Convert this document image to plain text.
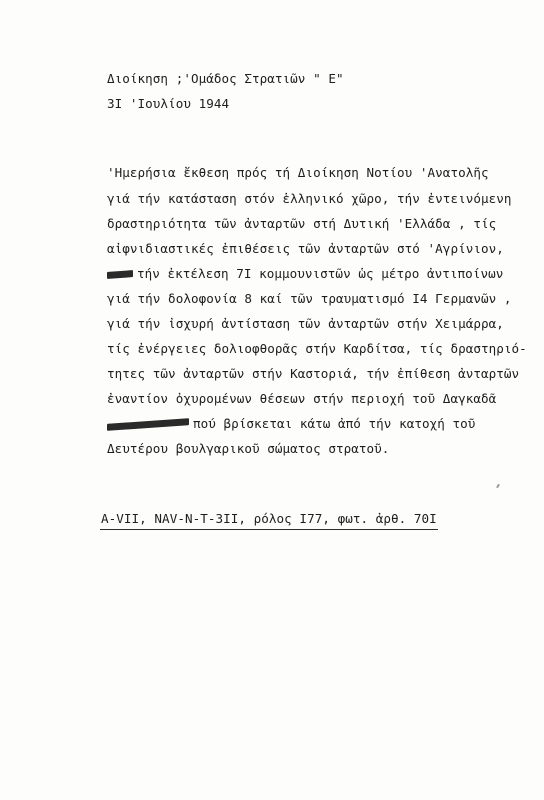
Διοίκηση ;'Ομάδος Στρατιῶν " Ε"
3Ι 'Ιουλίου 1944
'Ημερήσια ἔκθεση πρός τή Διοίκηση Νοτίου 'Ανατολῆς
γιά τήν κατάσταση στόν ἑλληνικό χῶρο, τήν ἐντεινόμενη
δραστηριότητα τῶν ἀνταρτῶν στή Δυτική 'Ελλάδα , τίς
αἰφνιδιαστικές ἐπιθέσεις τῶν ἀνταρτῶν στό 'Αγρίνιον,
τήν ἐκτέλεση 7Ι κομμουνιστῶν ὡς μέτρο ἀντιποίνων
γιά τήν δολοφονία 8 καί τῶν τραυματισμό Ι4 Γερμανῶν ,
γιά τήν ἰσχυρή ἀντίσταση τῶν ἀνταρτῶν στήν Χειμάρρα,
τίς ἐνέργειες δολιοφθορᾶς στήν Καρδίτσα, τίς δραστηριό-
τητες τῶν ἀνταρτῶν στήν Καστοριά, τήν ἐπίθεση ἀνταρτῶν
ἐναντίον ὀχυρομένων θέσεων στήν περιοχή τοῦ Δαγκαδᾶ
πού βρίσκεται κάτω ἀπό τήν κατοχή τοῦ
Δευτέρου βουλγαρικοῦ σώματος στρατοῦ.
A-VII, NAV-N-T-3ΙΙ, ρόλος Ι77, φωτ. ἀρθ. 70Ι
